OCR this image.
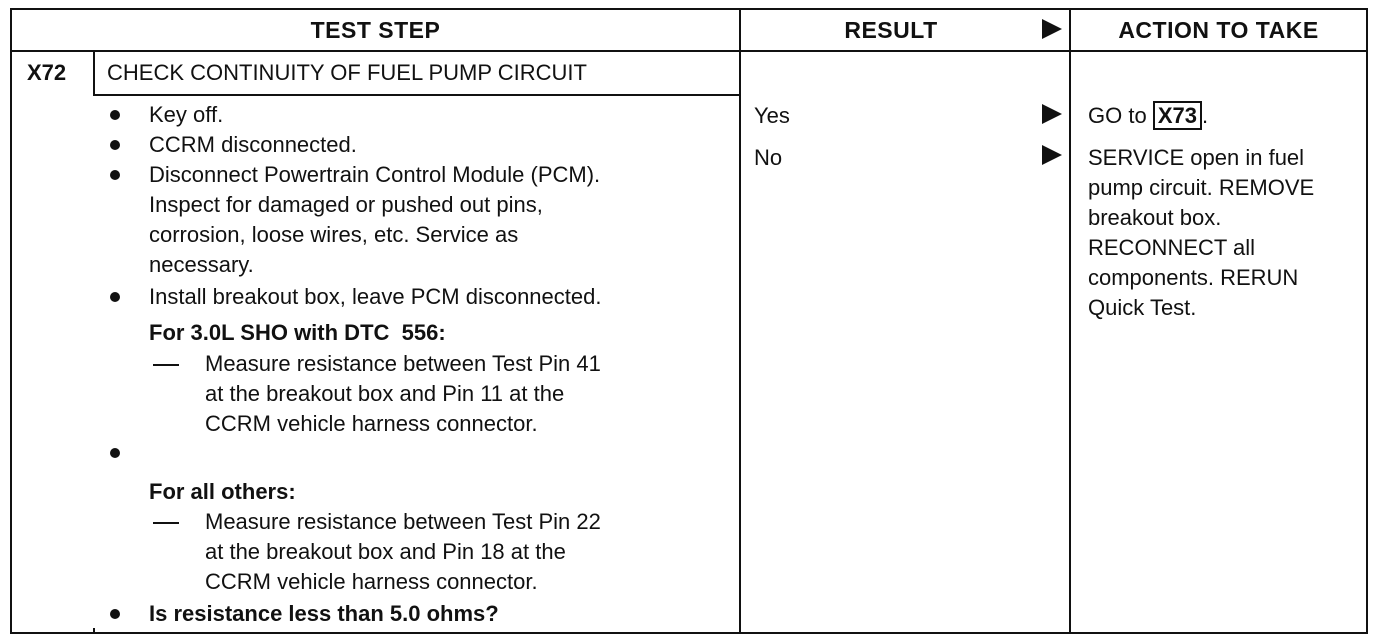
TEST STEP	RESULT	ACTION TO TAKE
X72 CHECK CONTINUITY OF FUEL PUMP CIRCUIT
Key off.
CCRM disconnected.
Disconnect Powertrain Control Module (PCM).
Inspect for damaged or pushed out pins,
corrosion, loose wires, etc. Service as
necessary.
Install breakout box, leave PCM disconnected.
For 3.0L SHO with DTC  556:
Measure resistance between Test Pin 41
at the breakout box and Pin 11 at the
CCRM vehicle harness connector.
For all others:
Measure resistance between Test Pin 22
at the breakout box and Pin 18 at the
CCRM vehicle harness connector.
Is resistance less than 5.0 ohms?
Yes
No
GO to X73 .
SERVICE open in fuel
pump circuit. REMOVE
breakout box.
RECONNECT all
components. RERUN
Quick Test.
